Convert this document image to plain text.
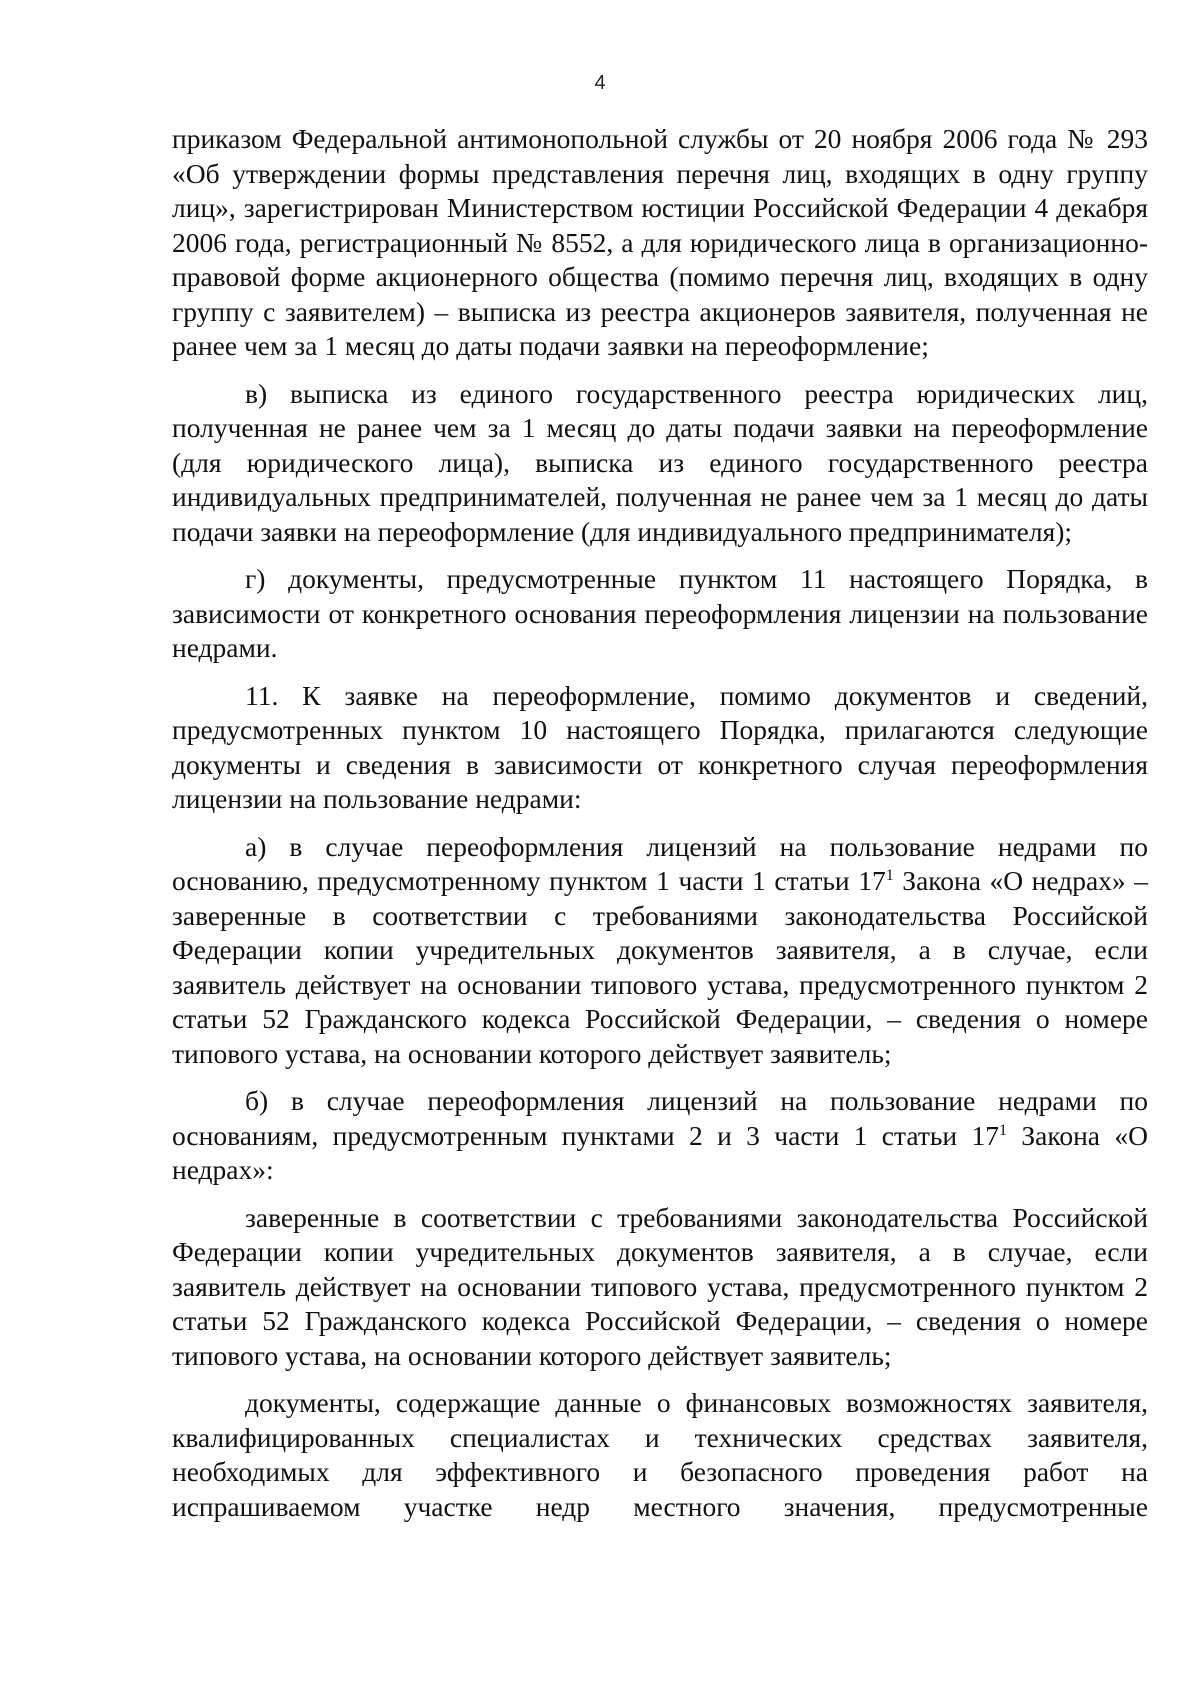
4

приказом Федеральной антимонопольной службы от 20 ноября 2006 года № 293 «Об утверждении формы представления перечня лиц, входящих в одну группу лиц», зарегистрирован Министерством юстиции Российской Федерации 4 декабря 2006 года, регистрационный № 8552, а для юридического лица в организационно-правовой форме акционерного общества (помимо перечня лиц, входящих в одну группу с заявителем) – выписка из реестра акционеров заявителя, полученная не ранее чем за 1 месяц до даты подачи заявки на переоформление;

в) выписка из единого государственного реестра юридических лиц, полученная не ранее чем за 1 месяц до даты подачи заявки на переоформление (для юридического лица), выписка из единого государственного реестра индивидуальных предпринимателей, полученная не ранее чем за 1 месяц до даты подачи заявки на переоформление (для индивидуального предпринимателя);

г) документы, предусмотренные пунктом 11 настоящего Порядка, в зависимости от конкретного основания переоформления лицензии на пользование недрами.

11. К заявке на переоформление, помимо документов и сведений, предусмотренных пунктом 10 настоящего Порядка, прилагаются следующие документы и сведения в зависимости от конкретного случая переоформления лицензии на пользование недрами:

а) в случае переоформления лицензий на пользование недрами по основанию, предусмотренному пунктом 1 части 1 статьи $17^1$ Закона «О недрах» – заверенные в соответствии с требованиями законодательства Российской Федерации копии учредительных документов заявителя, а в случае, если заявитель действует на основании типового устава, предусмотренного пунктом 2 статьи 52 Гражданского кодекса Российской Федерации, – сведения о номере типового устава, на основании которого действует заявитель;

б) в случае переоформления лицензий на пользование недрами по основаниям, предусмотренным пунктами 2 и 3 части 1 статьи $17^1$ Закона «О недрах»:

заверенные в соответствии с требованиями законодательства Российской Федерации копии учредительных документов заявителя, а в случае, если заявитель действует на основании типового устава, предусмотренного пунктом 2 статьи 52 Гражданского кодекса Российской Федерации, – сведения о номере типового устава, на основании которого действует заявитель;

документы, содержащие данные о финансовых возможностях заявителя, квалифицированных специалистах и технических средствах заявителя, необходимых для эффективного и безопасного проведения работ на испрашиваемом участке недр местного значения, предусмотренные
